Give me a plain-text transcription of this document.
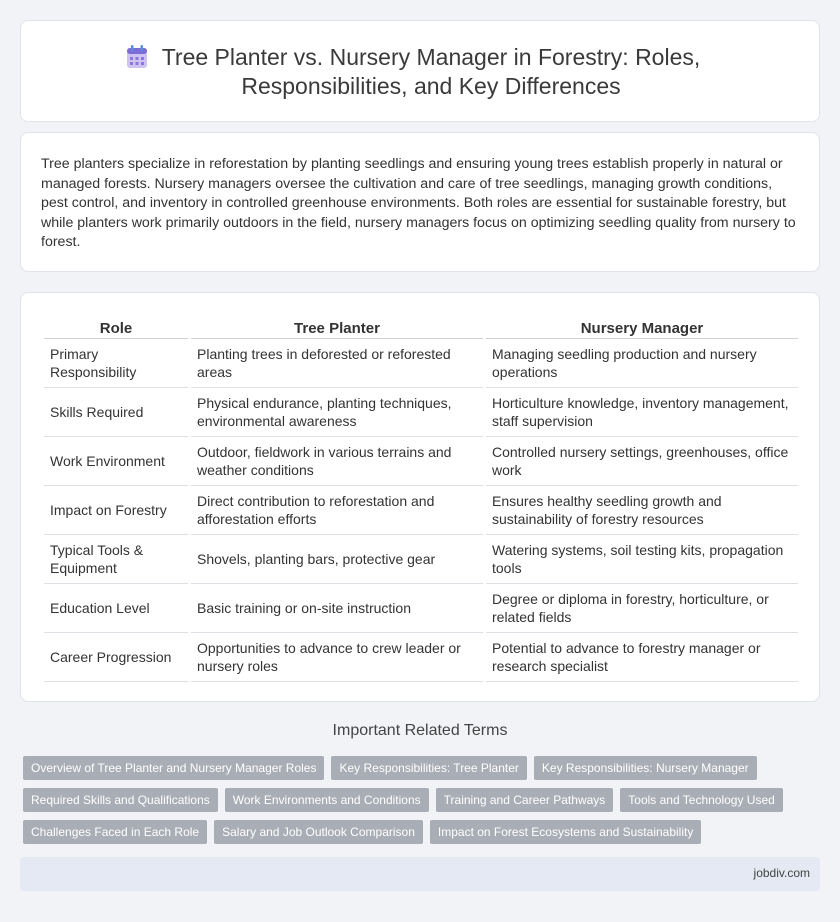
Tree Planter vs. Nursery Manager in Forestry: Roles,
Responsibilities, and Key Differences

Tree planters specialize in reforestation by planting seedlings and ensuring young trees establish properly in natural or managed forests. Nursery managers oversee the cultivation and care of tree seedlings, managing growth conditions, pest control, and inventory in controlled greenhouse environments. Both roles are essential for sustainable forestry, but while planters work primarily outdoors in the field, nursery managers focus on optimizing seedling quality from nursery to forest.

Role	Tree Planter	Nursery Manager
Primary Responsibility	Planting trees in deforested or reforested areas	Managing seedling production and nursery operations
Skills Required	Physical endurance, planting techniques, environmental awareness	Horticulture knowledge, inventory management, staff supervision
Work Environment	Outdoor, fieldwork in various terrains and weather conditions	Controlled nursery settings, greenhouses, office work
Impact on Forestry	Direct contribution to reforestation and afforestation efforts	Ensures healthy seedling growth and sustainability of forestry resources
Typical Tools & Equipment	Shovels, planting bars, protective gear	Watering systems, soil testing kits, propagation tools
Education Level	Basic training or on-site instruction	Degree or diploma in forestry, horticulture, or related fields
Career Progression	Opportunities to advance to crew leader or nursery roles	Potential to advance to forestry manager or research specialist
Important Related Terms
Overview of Tree Planter and Nursery Manager Roles	Key Responsibilities: Tree Planter	Key Responsibilities: Nursery Manager
Required Skills and Qualifications	Work Environments and Conditions	Training and Career Pathways	Tools and Technology Used
Challenges Faced in Each Role	Salary and Job Outlook Comparison	Impact on Forest Ecosystems and Sustainability
jobdiv.com
